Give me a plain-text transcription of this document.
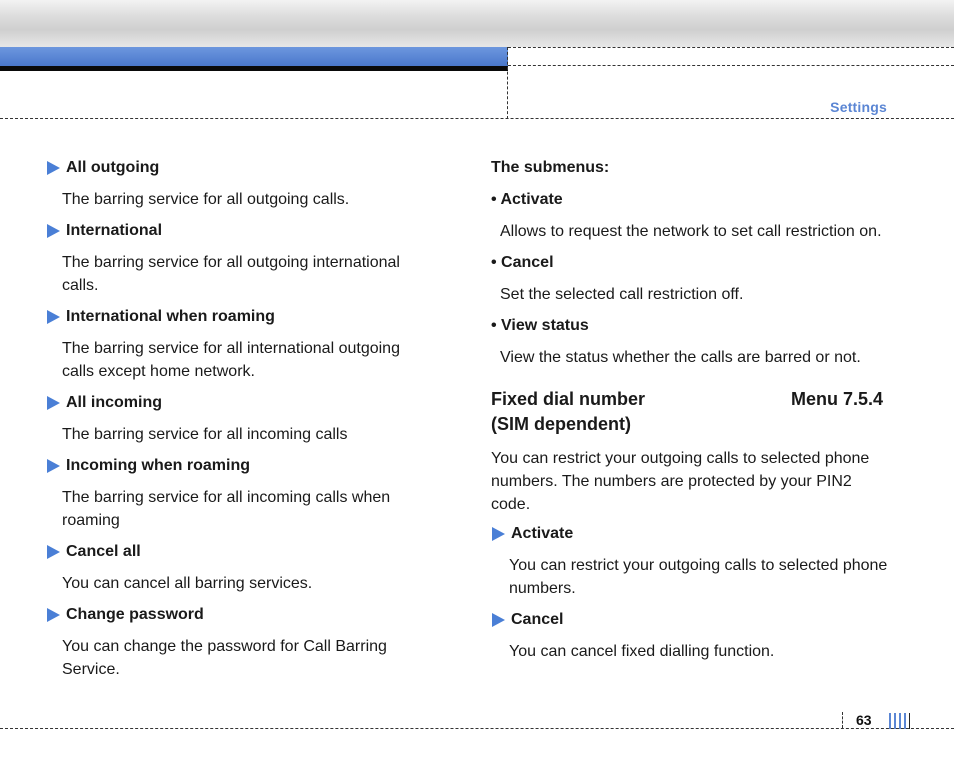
Settings
All outgoing
The barring service for all outgoing calls.
International
The barring service for all outgoing international calls.
International when roaming
The barring service for all international outgoing calls except home network.
All incoming
The barring service for all incoming calls
Incoming when roaming
The barring service for all incoming calls when roaming
Cancel all
You can cancel all barring services.
Change password
You can change the password for Call Barring Service.
The submenus:
• Activate
Allows to request the network to set call restriction on.
• Cancel
Set the selected call restriction off.
• View status
View the status whether the calls are barred or not.
Fixed dial number	Menu 7.5.4
(SIM dependent)
You can restrict your outgoing calls to selected phone numbers. The numbers are protected by your PIN2 code.
Activate
You can restrict your outgoing calls to selected phone numbers.
Cancel
You can cancel fixed dialling function.
63
